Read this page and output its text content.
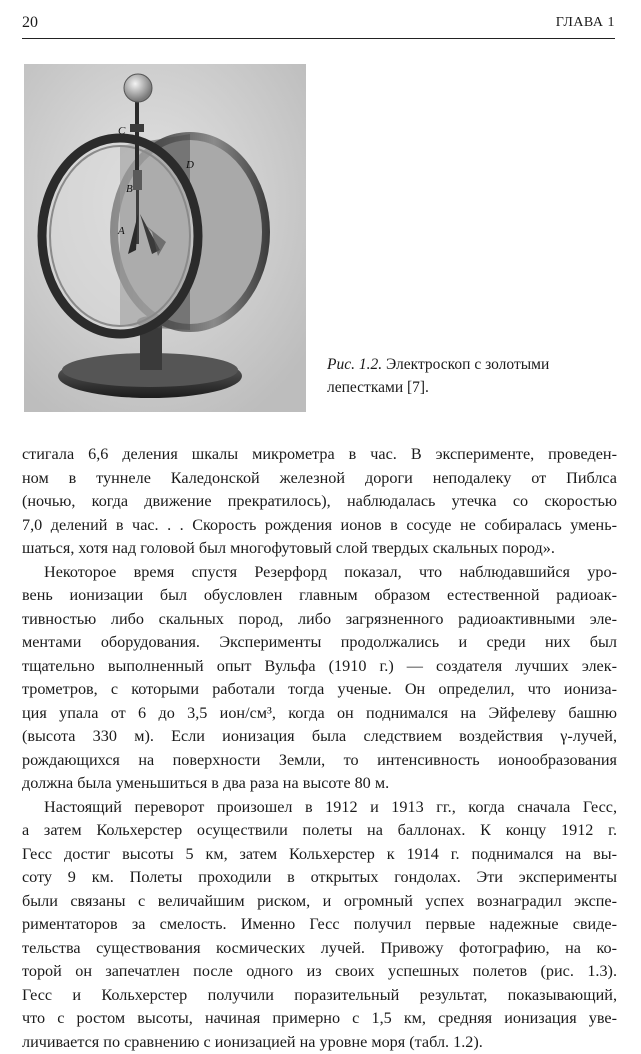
20	ГЛАВА 1
C
D
B
A
Рис. 1.2. Электроскоп с золотыми лепестками [7].

стигала 6,6 деления шкалы микрометра в час. В эксперименте, проведен-
ном в туннеле Каледонской железной дороги неподалеку от Пиблса
(ночью, когда движение прекратилось), наблюдалась утечка со скоростью
7,0 делений в час. . . Скорость рождения ионов в сосуде не собиралась умень-
шаться, хотя над головой был многофутовый слой твердых скальных пород».

Некоторое время спустя Резерфорд показал, что наблюдавшийся уро-
вень ионизации был обусловлен главным образом естественной радиоак-
тивностью либо скальных пород, либо загрязненного радиоактивными эле-
ментами оборудования. Эксперименты продолжались и среди них был
тщательно выполненный опыт Вульфа (1910 г.) — создателя лучших элек-
трометров, с которыми работали тогда ученые. Он определил, что иониза-
ция упала от 6 до 3,5 ион/см³, когда он поднимался на Эйфелеву башню
(высота 330 м). Если ионизация была следствием воздействия γ-лучей,
рождающихся на поверхности Земли, то интенсивность ионообразования
должна была уменьшиться в два раза на высоте 80 м.

Настоящий переворот произошел в 1912 и 1913 гг., когда сначала Гесс,
а затем Кольхерстер осуществили полеты на баллонах. К концу 1912 г.
Гесс достиг высоты 5 км, затем Кольхерстер к 1914 г. поднимался на вы-
соту 9 км. Полеты проходили в открытых гондолах. Эти эксперименты
были связаны с величайшим риском, и огромный успех вознаградил экспе-
риментаторов за смелость. Именно Гесс получил первые надежные свиде-
тельства существования космических лучей. Привожу фотографию, на ко-
торой он запечатлен после одного из своих успешных полетов (рис. 1.3).
Гесс и Кольхерстер получили поразительный результат, показывающий,
что с ростом высоты, начиная примерно с 1,5 км, средняя ионизация уве-
личивается по сравнению с ионизацией на уровне моря (табл. 1.2).
